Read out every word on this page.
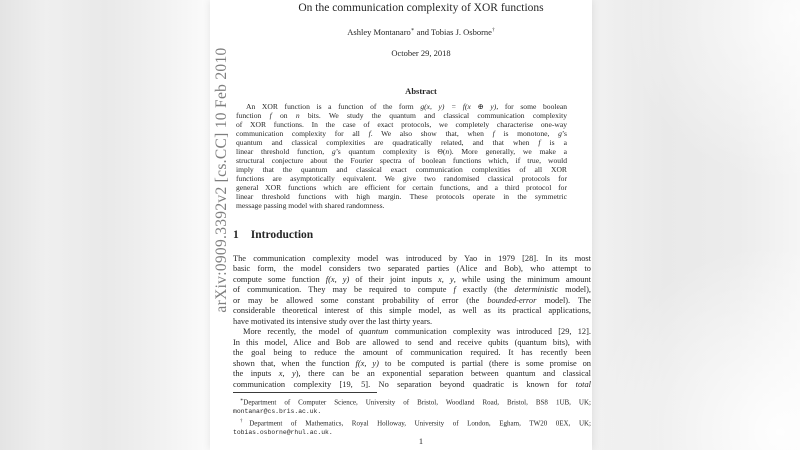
On the communication complexity of XOR functions
Ashley Montanaro∗ and Tobias J. Osborne†
October 29, 2018
Abstract
An XOR function is a function of the form g(x, y) = f(x ⊕ y), for some boolean
function f on n bits. We study the quantum and classical communication complexity
of XOR functions. In the case of exact protocols, we completely characterise one-way
communication complexity for all f. We also show that, when f is monotone, g’s
quantum and classical complexities are quadratically related, and that when f is a
linear threshold function, g’s quantum complexity is Θ(n). More generally, we make a
structural conjecture about the Fourier spectra of boolean functions which, if true, would
imply that the quantum and classical exact communication complexities of all XOR
functions are asymptotically equivalent. We give two randomised classical protocols for
general XOR functions which are efficient for certain functions, and a third protocol for
linear threshold functions with high margin. These protocols operate in the symmetric
message passing model with shared randomness.
1 Introduction
The communication complexity model was introduced by Yao in 1979 [28]. In its most
basic form, the model considers two separated parties (Alice and Bob), who attempt to
compute some function f(x, y) of their joint inputs x, y, while using the minimum amount
of communication. They may be required to compute f exactly (the deterministic model),
or may be allowed some constant probability of error (the bounded-error model). The
considerable theoretical interest of this simple model, as well as its practical applications,
have motivated its intensive study over the last thirty years.
More recently, the model of quantum communication complexity was introduced [29, 12].
In this model, Alice and Bob are allowed to send and receive qubits (quantum bits), with
the goal being to reduce the amount of communication required. It has recently been
shown that, when the function f(x, y) to be computed is partial (there is some promise on
the inputs x, y), there can be an exponential separation between quantum and classical
communication complexity [19, 5]. No separation beyond quadratic is known for total
∗Department of Computer Science, University of Bristol, Woodland Road, Bristol, BS8 1UB, UK;
montanar@cs.bris.ac.uk.
†Department of Mathematics, Royal Holloway, University of London, Egham, TW20 0EX, UK;
tobias.osborne@rhul.ac.uk.
1
arXiv:0909.3392v2 [cs.CC] 10 Feb 2010
